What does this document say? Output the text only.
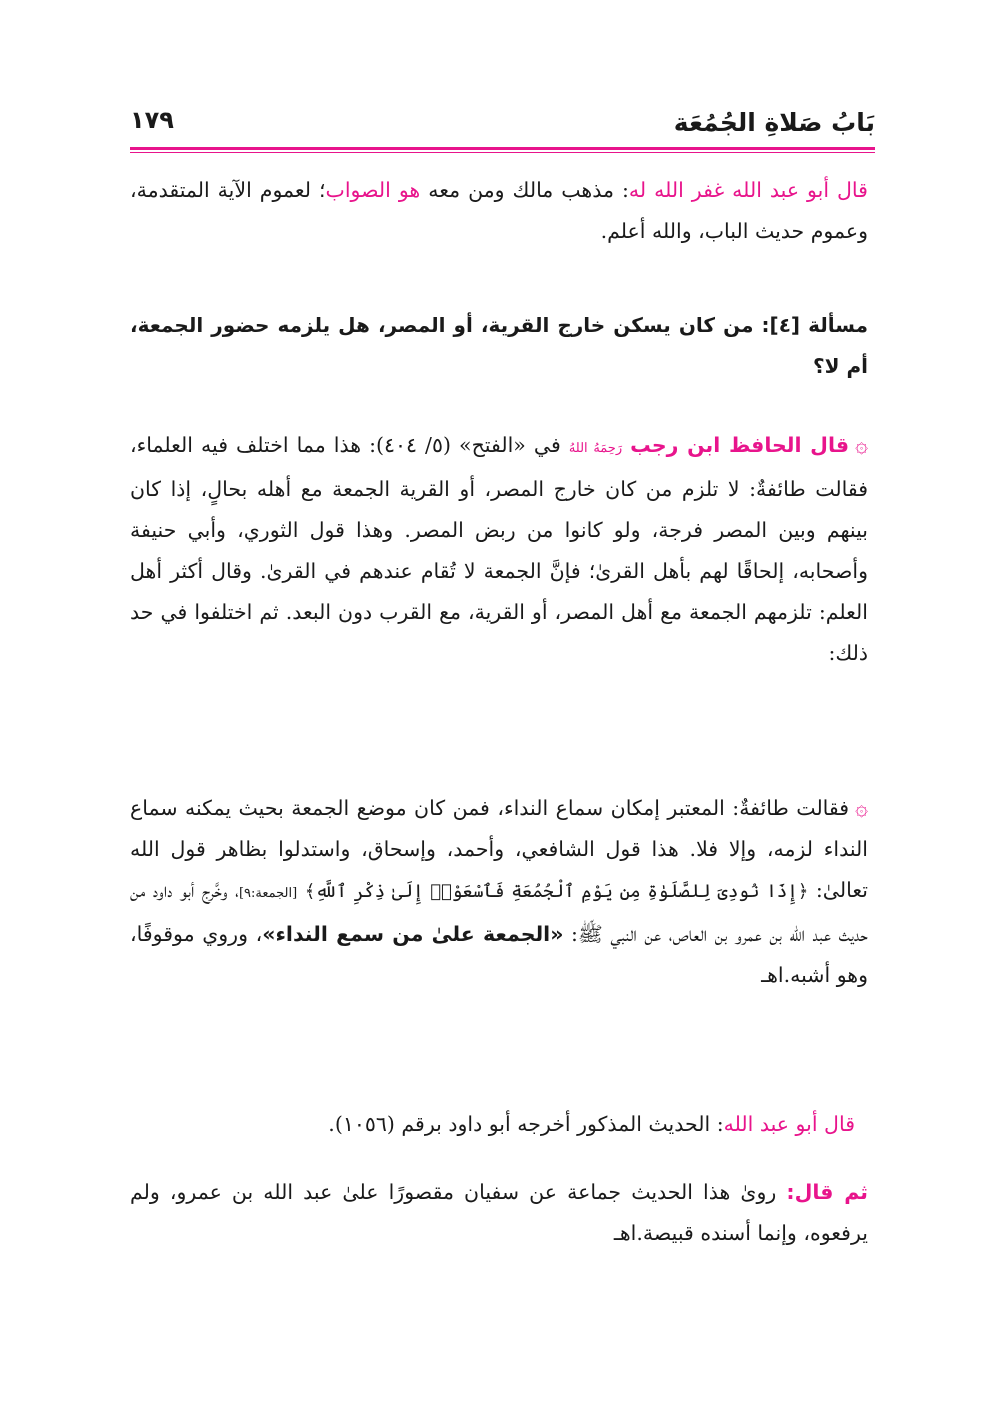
بَابُ صَلاةِ الجُمُعَة
١٧٩
قال أبو عبد الله غفر الله له: مذهب مالك ومن معه هو الصواب؛ لعموم الآية المتقدمة، وعموم حديث الباب، والله أعلم.
مسألة [٤]: من كان يسكن خارج القرية، أو المصر، هل يلزمه حضور الجمعة، أم لا؟
۞قال الحافظ ابن رجب رَحِمَهُ اللهُ في «الفتح» (٥/ ٤٠٤): هذا مما اختلف فيه العلماء، فقالت طائفةٌ: لا تلزم من كان خارج المصر، أو القرية الجمعة مع أهله بحالٍ، إذا كان بينهم وبين المصر فرجة، ولو كانوا من ربض المصر. وهذا قول الثوري، وأبي حنيفة وأصحابه، إلحاقًا لهم بأهل القرىٰ؛ فإنَّ الجمعة لا تُقام عندهم في القرىٰ. وقال أكثر أهل العلم: تلزمهم الجمعة مع أهل المصر، أو القرية، مع القرب دون البعد. ثم اختلفوا في حد ذلك:
۞فقالت طائفةٌ: المعتبر إمكان سماع النداء، فمن كان موضع الجمعة بحيث يمكنه سماع النداء لزمه، وإلا فلا. هذا قول الشافعي، وأحمد، وإسحاق، واستدلوا بظاهر قول الله تعالىٰ: ﴿إِذَا نُودِىَ لِلصَّلَوٰةِ مِن يَوْمِ ٱلْجُمُعَةِ فَٱسْعَوْا۟ إِلَىٰ ذِكْرِ ٱللَّهِ﴾ [الجمعة:٩]، وخَّرج أبو داود من حديث عبد الله بن عمرو بن العاص، عن النبي ﷺ: «الجمعة علىٰ من سمع النداء»، وروي موقوفًا، وهو أشبه.اهـ
قال أبو عبد الله: الحديث المذكور أخرجه أبو داود برقم (١٠٥٦).
ثم قال: روىٰ هذا الحديث جماعة عن سفيان مقصورًا علىٰ عبد الله بن عمرو، ولم يرفعوه، وإنما أسنده قبيصة.اهـ
